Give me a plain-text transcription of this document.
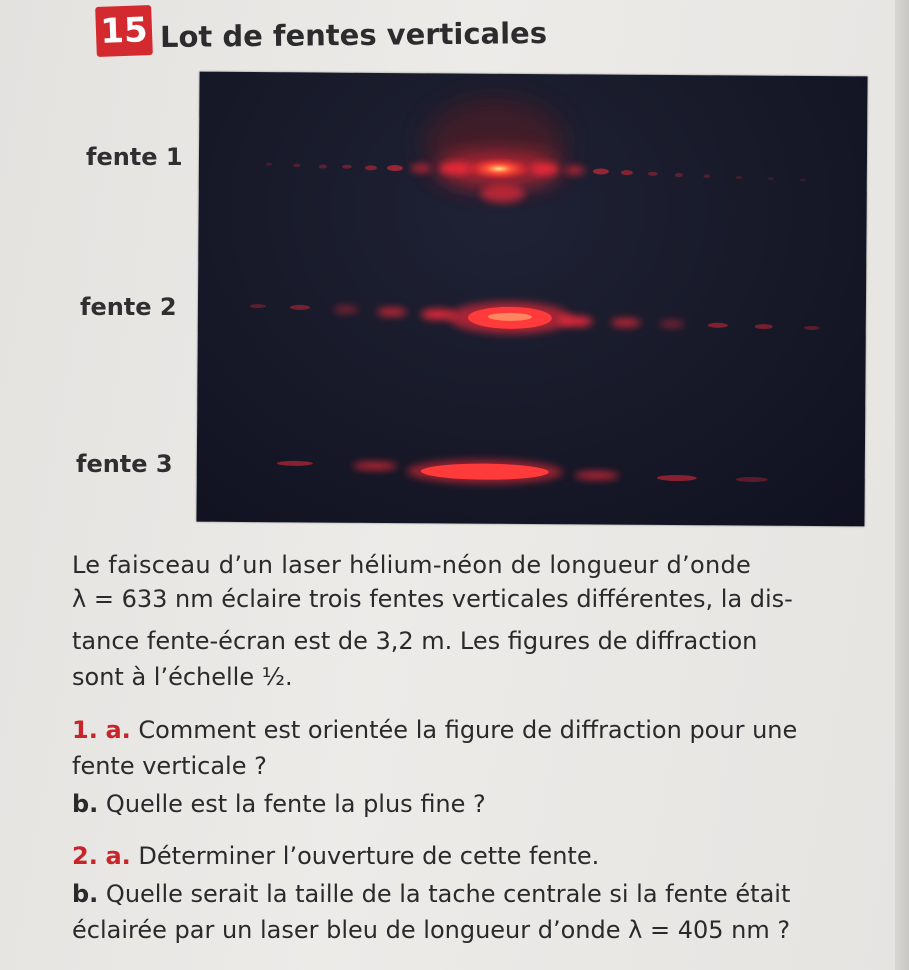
15 Lot de fentes verticales
fente 1
fente 2
fente 3
Le faisceau d’un laser hélium-néon de longueur d’onde
λ = 633 nm éclaire trois fentes verticales différentes, la dis-
tance fente-écran est de 3,2 m. Les figures de diffraction
sont à l’échelle ½.
1. a. Comment est orientée la figure de diffraction pour une
fente verticale ?
b. Quelle est la fente la plus fine ?
2. a. Déterminer l’ouverture de cette fente.
b. Quelle serait la taille de la tache centrale si la fente était
éclairée par un laser bleu de longueur d’onde λ = 405 nm ?
